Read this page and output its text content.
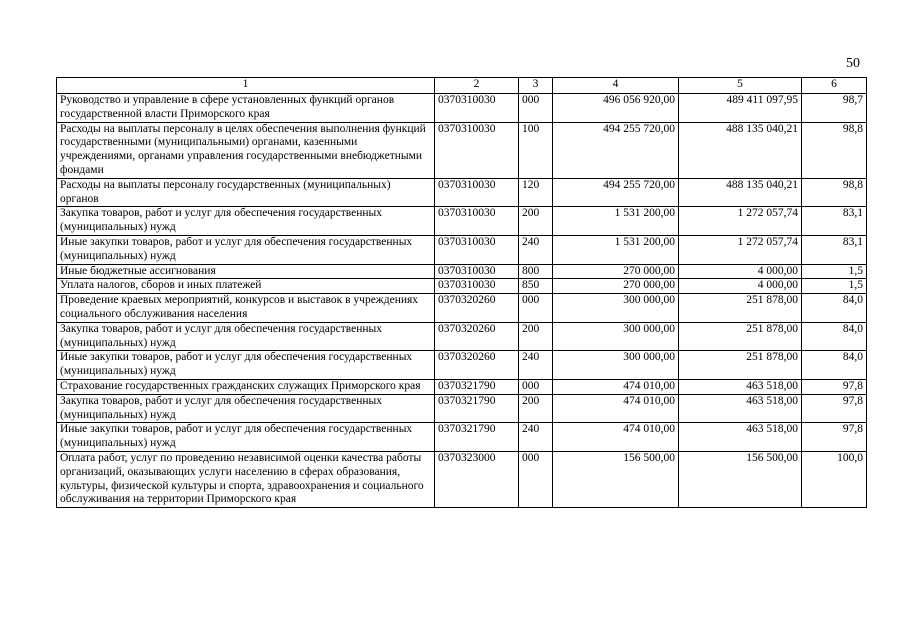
50
1	2	3	4	5	6
Руководство и управление в сфере установленных функций органов государственной власти Приморского края	0370310030	000	496 056 920,00	489 411 097,95	98,7
Расходы на выплаты персоналу в целях обеспечения выполнения функций государственными (муниципальными) органами, казенными учреждениями, органами управления государственными внебюджетными фондами	0370310030	100	494 255 720,00	488 135 040,21	98,8
Расходы на выплаты персоналу государственных (муниципальных) органов	0370310030	120	494 255 720,00	488 135 040,21	98,8
Закупка товаров, работ и услуг для обеспечения государственных (муниципальных) нужд	0370310030	200	1 531 200,00	1 272 057,74	83,1
Иные закупки товаров, работ и услуг для обеспечения государственных (муниципальных) нужд	0370310030	240	1 531 200,00	1 272 057,74	83,1
Иные бюджетные ассигнования	0370310030	800	270 000,00	4 000,00	1,5
Уплата налогов, сборов и иных платежей	0370310030	850	270 000,00	4 000,00	1,5
Проведение краевых мероприятий, конкурсов и выставок в учреждениях социального обслуживания населения	0370320260	000	300 000,00	251 878,00	84,0
Закупка товаров, работ и услуг для обеспечения государственных (муниципальных) нужд	0370320260	200	300 000,00	251 878,00	84,0
Иные закупки товаров, работ и услуг для обеспечения государственных (муниципальных) нужд	0370320260	240	300 000,00	251 878,00	84,0
Страхование государственных гражданских служащих Приморского края	0370321790	000	474 010,00	463 518,00	97,8
Закупка товаров, работ и услуг для обеспечения государственных (муниципальных) нужд	0370321790	200	474 010,00	463 518,00	97,8
Иные закупки товаров, работ и услуг для обеспечения государственных (муниципальных) нужд	0370321790	240	474 010,00	463 518,00	97,8
Оплата работ, услуг по проведению независимой оценки качества работы организаций, оказывающих услуги населению в сферах образования, культуры, физической культуры и спорта, здравоохранения и социального обслуживания на территории Приморского края	0370323000	000	156 500,00	156 500,00	100,0
